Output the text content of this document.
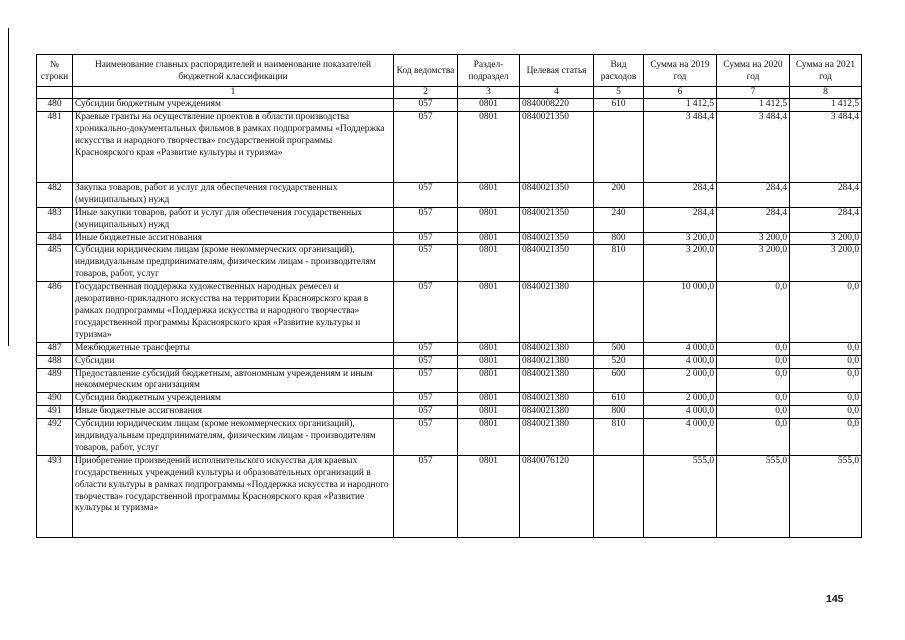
№ строки	Наименование главных распорядителей и наименование показателей бюджетной классификации	Код ведомства	Раздел-подраздел	Целевая статья	Вид расходов	Сумма на 2019 год	Сумма на 2020 год	Сумма на 2021 год
	1	2	3	4	5	6	7	8
480	Субсидии бюджетным учреждениям	057	0801	0840008220	610	1 412,5	1 412,5	1 412,5
481	Краевые гранты на осуществление проектов в области производства хроникально-документальных фильмов в рамках подпрограммы «Поддержка искусства и народного творчества» государственной программы Красноярского края «Развитие культуры и туризма»	057	0801	0840021350		3 484,4	3 484,4	3 484,4
482	Закупка товаров, работ и услуг для обеспечения государственных (муниципальных) нужд	057	0801	0840021350	200	284,4	284,4	284,4
483	Иные закупки товаров, работ и услуг для обеспечения государственных (муниципальных) нужд	057	0801	0840021350	240	284,4	284,4	284,4
484	Иные бюджетные ассигнования	057	0801	0840021350	800	3 200,0	3 200,0	3 200,0
485	Субсидии юридическим лицам (кроме некоммерческих организаций), индивидуальным предпринимателям, физическим лицам - производителям товаров, работ, услуг	057	0801	0840021350	810	3 200,0	3 200,0	3 200,0
486	Государственная поддержка художественных народных ремесел и декоративно-прикладного искусства на территории Красноярского края в рамках подпрограммы «Поддержка искусства и народного творчества» государственной программы Красноярского края «Развитие культуры и туризма»	057	0801	0840021380		10 000,0	0,0	0,0
487	Межбюджетные трансферты	057	0801	0840021380	500	4 000,0	0,0	0,0
488	Субсидии	057	0801	0840021380	520	4 000,0	0,0	0,0
489	Предоставление субсидий бюджетным, автономным учреждениям и иным некоммерческим организациям	057	0801	0840021380	600	2 000,0	0,0	0,0
490	Субсидии бюджетным учреждениям	057	0801	0840021380	610	2 000,0	0,0	0,0
491	Иные бюджетные ассигнования	057	0801	0840021380	800	4 000,0	0,0	0,0
492	Субсидии юридическим лицам (кроме некоммерческих организаций), индивидуальным предпринимателям, физическим лицам - производителям товаров, работ, услуг	057	0801	0840021380	810	4 000,0	0,0	0,0
493	Приобретение произведений исполнительского искусства для краевых государственных учреждений культуры и образовательных организаций в области культуры в рамках подпрограммы «Поддержка искусства и народного творчества» государственной программы Красноярского края «Развитие культуры и туризма»	057	0801	0840076120		555,0	555,0	555,0
145
